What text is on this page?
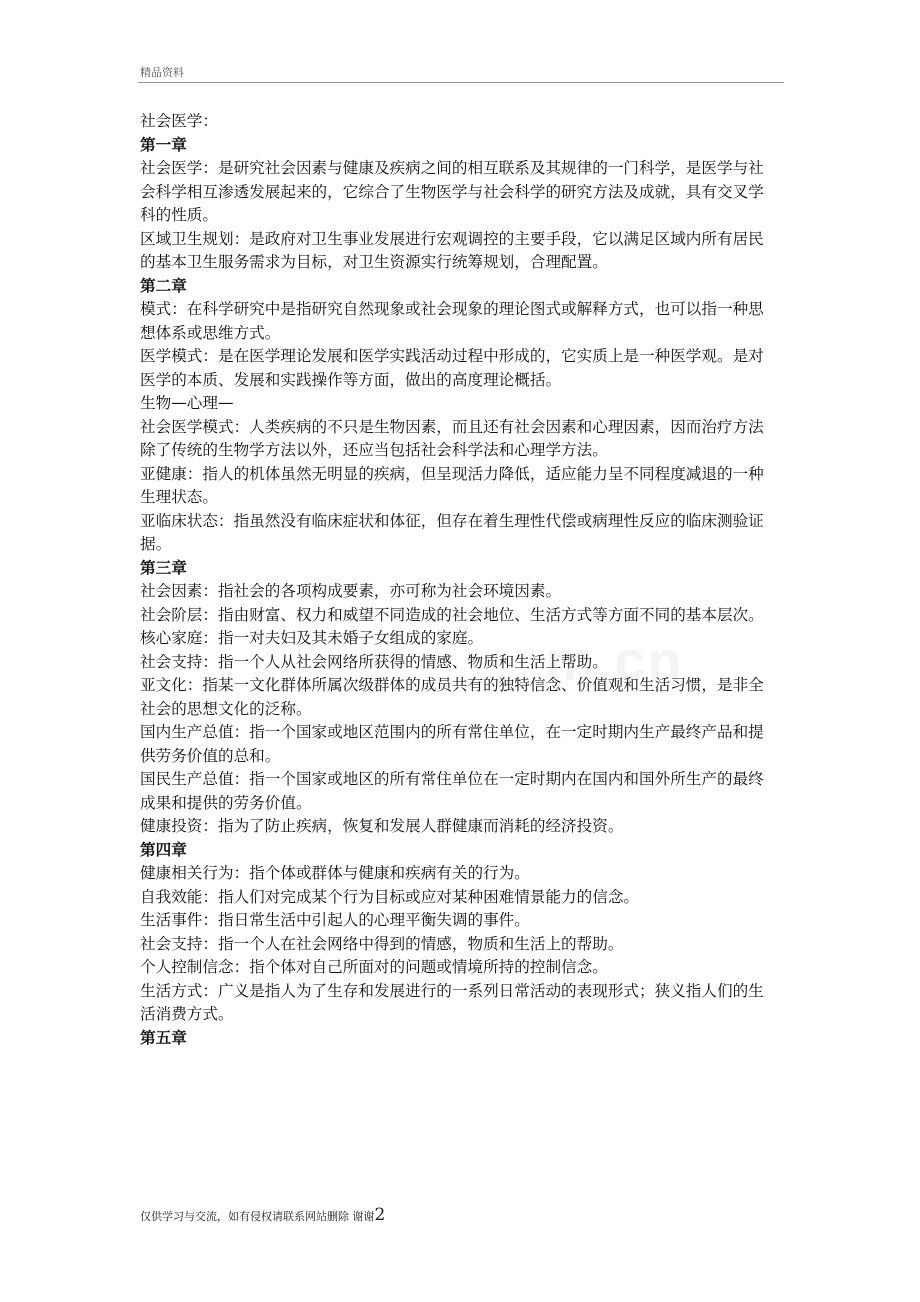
精品资料
m.cn

社会医学：

第一章

社会医学：是研究社会因素与健康及疾病之间的相互联系及其规律的一门科学，是医学与社会科学相互渗透发展起来的，它综合了生物医学与社会科学的研究方法及成就，具有交叉学科的性质。

区域卫生规划：是政府对卫生事业发展进行宏观调控的主要手段，它以满足区域内所有居民的基本卫生服务需求为目标，对卫生资源实行统筹规划，合理配置。

第二章

模式：在科学研究中是指研究自然现象或社会现象的理论图式或解释方式，也可以指一种思想体系或思维方式。

医学模式：是在医学理论发展和医学实践活动过程中形成的，它实质上是一种医学观。是对医学的本质、发展和实践操作等方面，做出的高度理论概括。

生物—心理—

社会医学模式：人类疾病的不只是生物因素，而且还有社会因素和心理因素，因而治疗方法除了传统的生物学方法以外，还应当包括社会科学法和心理学方法。

亚健康：指人的机体虽然无明显的疾病，但呈现活力降低，适应能力呈不同程度减退的一种生理状态。

亚临床状态：指虽然没有临床症状和体征，但存在着生理性代偿或病理性反应的临床测验证据。

第三章

社会因素：指社会的各项构成要素，亦可称为社会环境因素。

社会阶层：指由财富、权力和威望不同造成的社会地位、生活方式等方面不同的基本层次。

核心家庭：指一对夫妇及其未婚子女组成的家庭。

社会支持：指一个人从社会网络所获得的情感、物质和生活上帮助。

亚文化：指某一文化群体所属次级群体的成员共有的独特信念、价值观和生活习惯，是非全社会的思想文化的泛称。

国内生产总值：指一个国家或地区范围内的所有常住单位，在一定时期内生产最终产品和提供劳务价值的总和。

国民生产总值：指一个国家或地区的所有常住单位在一定时期内在国内和国外所生产的最终成果和提供的劳务价值。

健康投资：指为了防止疾病，恢复和发展人群健康而消耗的经济投资。

第四章

健康相关行为：指个体或群体与健康和疾病有关的行为。

自我效能：指人们对完成某个行为目标或应对某种困难情景能力的信念。

生活事件：指日常生活中引起人的心理平衡失调的事件。

社会支持：指一个人在社会网络中得到的情感，物质和生活上的帮助。

个人控制信念：指个体对自己所面对的问题或情境所持的控制信念。

生活方式：广义是指人为了生存和发展进行的一系列日常活动的表现形式；狭义指人们的生活消费方式。

第五章

仅供学习与交流，如有侵权请联系网站删除 谢谢2
